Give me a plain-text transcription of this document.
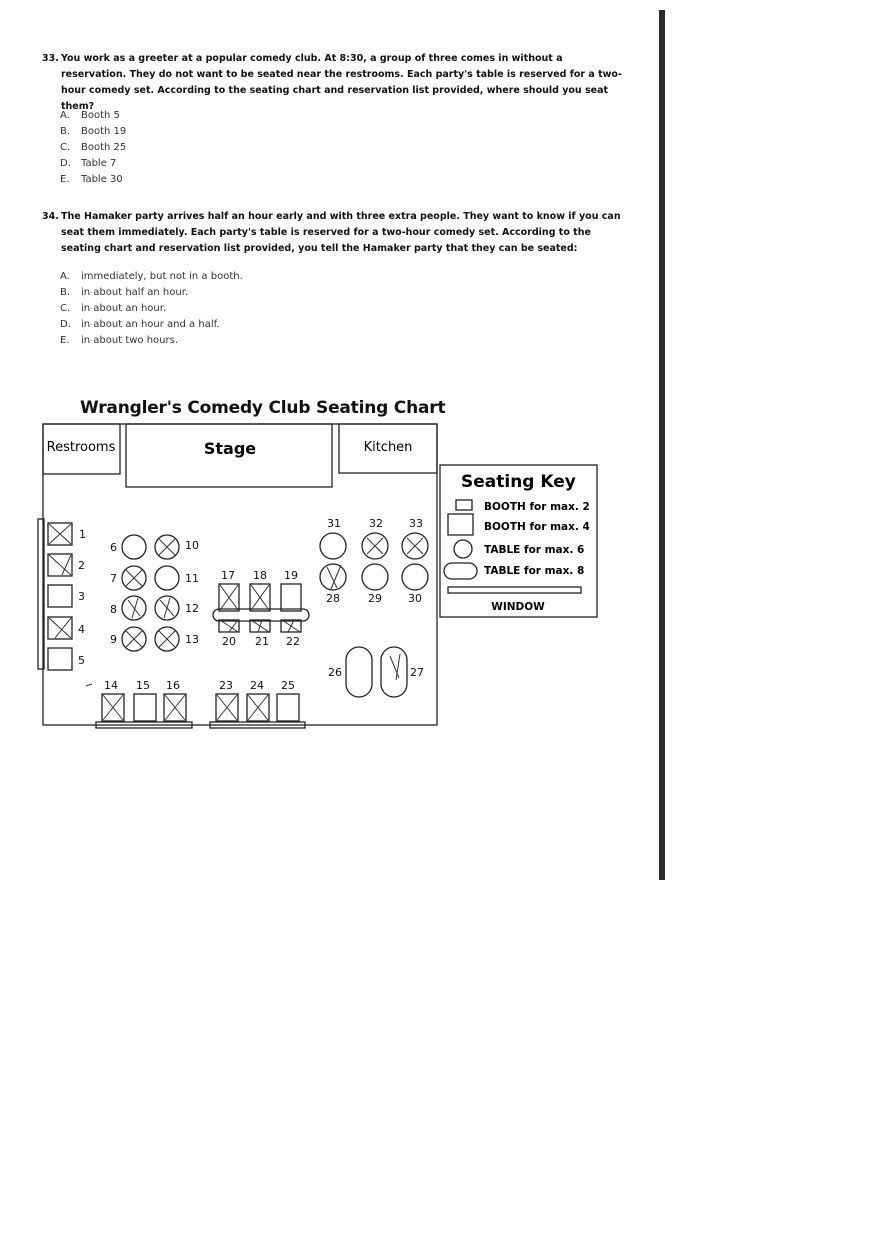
33. You work as a greeter at a popular comedy club. At 8:30, a group of three comes in without a reservation. They do not want to be seated near the restrooms. Each party's table is reserved for a two-hour comedy set. According to the seating chart and reservation list provided, where should you seat them?
A. Booth 5
B. Booth 19
C. Booth 25
D. Table 7
E. Table 30
34. The Hamaker party arrives half an hour early and with three extra people. They want to know if you can seat them immediately. Each party's table is reserved for a two-hour comedy set. According to the seating chart and reservation list provided, you tell the Hamaker party that they can be seated:
A. immediately, but not in a booth.
B. in about half an hour.
C. in about an hour.
D. in about an hour and a half.
E. in about two hours.
Wrangler's Comedy Club Seating Chart
Restrooms	Stage	Kitchen
1
2
3
4
5
6
7
8
9
10
11
12
13
14 15 16
17 18 19
20 21 22
23 24 25
26	27
28	29 30
31	32 33
Seating Key
BOOTH for max. 2
BOOTH for max. 4
TABLE for max. 6
TABLE for max. 8
WINDOW
